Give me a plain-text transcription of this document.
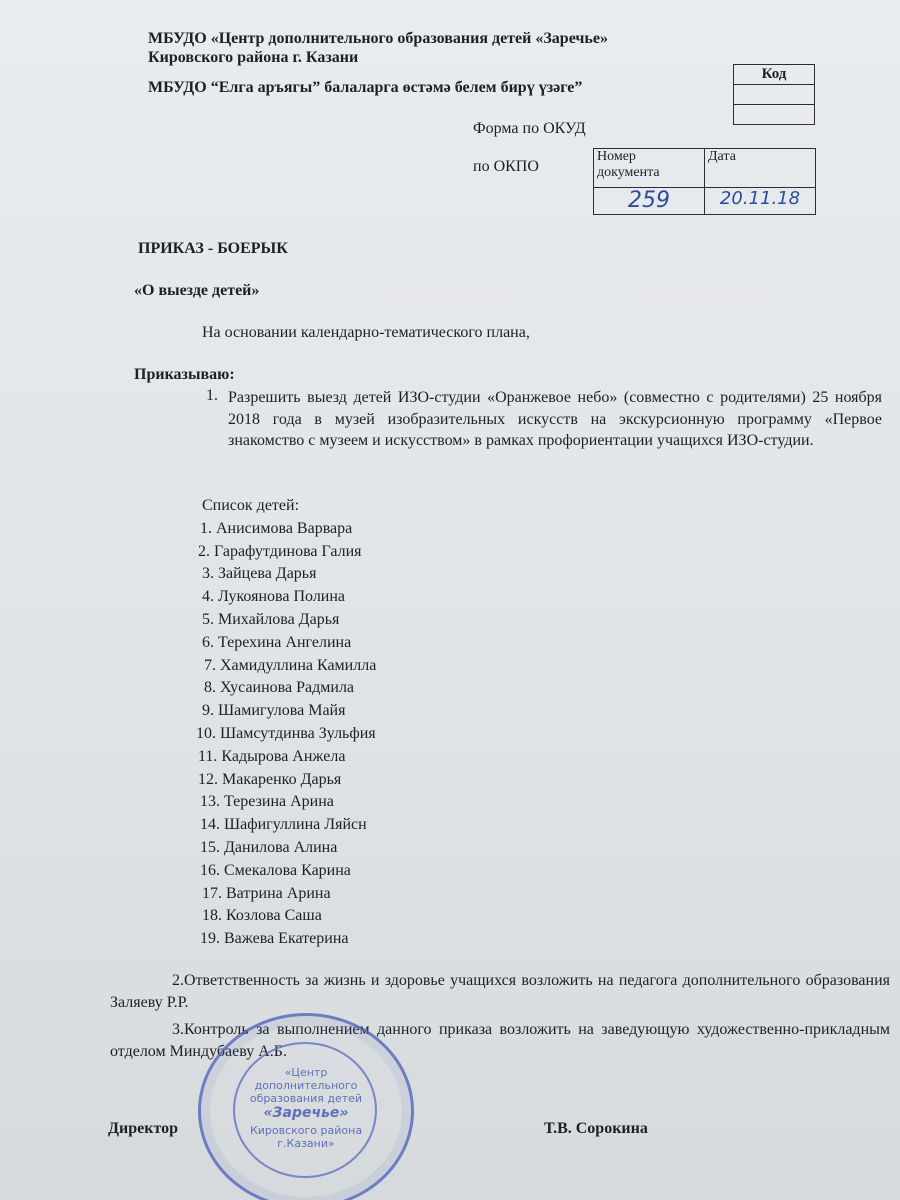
МБУДО «Центр дополнительного образования детей «Заречье»
Кировского района г. Казани
МБУДО “Елга аръягы” балаларга өстәмә белем бирү үзәге”
Код

Форма по ОКУД
по ОКПО
Номер документа	Дата
259	20.11.18
ПРИКАЗ - БОЕРЫК
«О выезде детей»
На основании календарно-тематического плана,
Приказываю:
1. Разрешить выезд детей ИЗО-студии «Оранжевое небо» (совместно с родителями) 25 ноября 2018 года в музей изобразительных искусств на экскурсионную программу «Первое знакомство с музеем и искусством» в рамках профориентации учащихся ИЗО-студии.
Список детей:
1. Анисимова Варвара
2. Гарафутдинова Галия
3. Зайцева Дарья
4. Лукоянова Полина
5. Михайлова Дарья
6. Терехина Ангелина
7. Хамидуллина Камилла
8. Хусаинова Радмила
9. Шамигулова Майя
10. Шамсутдинва Зульфия
11. Кадырова Анжела
12. Макаренко Дарья
13. Терезина Арина
14. Шафигуллина Ляйсн
15. Данилова Алина
16. Смекалова Карина
17. Ватрина Арина
18. Козлова Саша
19. Важева Екатерина
2.Ответственность за жизнь и здоровье учащихся возложить на педагога дополнительного образования Заляеву Р.Р.
3.Контроль за выполнением данного приказа возложить на заведующую художественно-прикладным отделом Миндубаеву А.Б.
Директор	Т.В. Сорокина
«Центр
дополнительного
образования детей
«Заречье»
Кировского района
г.Казани»
